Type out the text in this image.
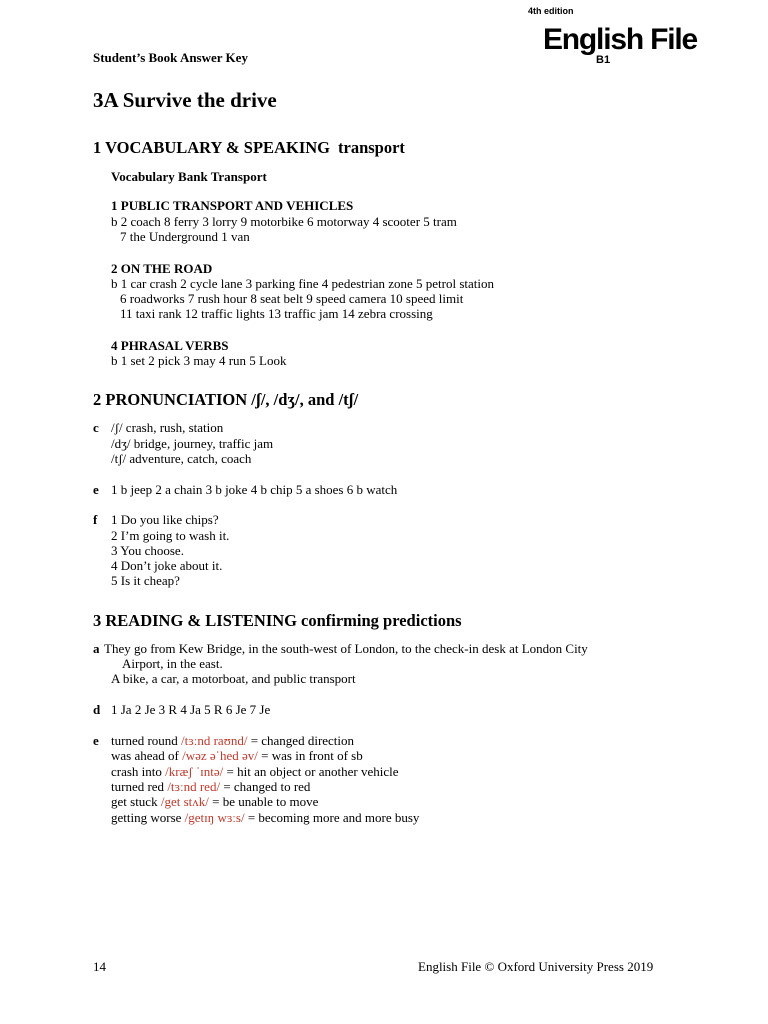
4th edition
English File
B1
Student’s Book Answer Key
3A Survive the drive
1 VOCABULARY & SPEAKING transport
Vocabulary Bank Transport
1 PUBLIC TRANSPORT AND VEHICLES
b 2 coach 8 ferry 3 lorry 9 motorbike 6 motorway 4 scooter 5 tram
7 the Underground 1 van
2 ON THE ROAD
b 1 car crash 2 cycle lane 3 parking fine 4 pedestrian zone 5 petrol station
6 roadworks 7 rush hour 8 seat belt 9 speed camera 10 speed limit
11 taxi rank 12 traffic lights 13 traffic jam 14 zebra crossing
4 PHRASAL VERBS
b 1 set 2 pick 3 may 4 run 5 Look
2 PRONUNCIATION /ʃ/, /dʒ/, and /tʃ/
c /ʃ/ crash, rush, station
/dʒ/ bridge, journey, traffic jam
/tʃ/ adventure, catch, coach
e 1 b jeep 2 a chain 3 b joke 4 b chip 5 a shoes 6 b watch
f 1 Do you like chips?
2 I’m going to wash it.
3 You choose.
4 Don’t joke about it.
5 Is it cheap?
3 READING & LISTENING confirming predictions
a They go from Kew Bridge, in the south-west of London, to the check-in desk at London City
Airport, in the east.
A bike, a car, a motorboat, and public transport
d 1 Ja 2 Je 3 R 4 Ja 5 R 6 Je 7 Je
e turned round /tɜːnd raʊnd/ = changed direction
was ahead of /wəz əˈhed əv/ = was in front of sb
crash into /kræʃ ˈɪntə/ = hit an object or another vehicle
turned red /tɜːnd red/ = changed to red
get stuck /get stʌk/ = be unable to move
getting worse /getɪŋ wɜːs/ = becoming more and more busy
14	English File © Oxford University Press 2019
